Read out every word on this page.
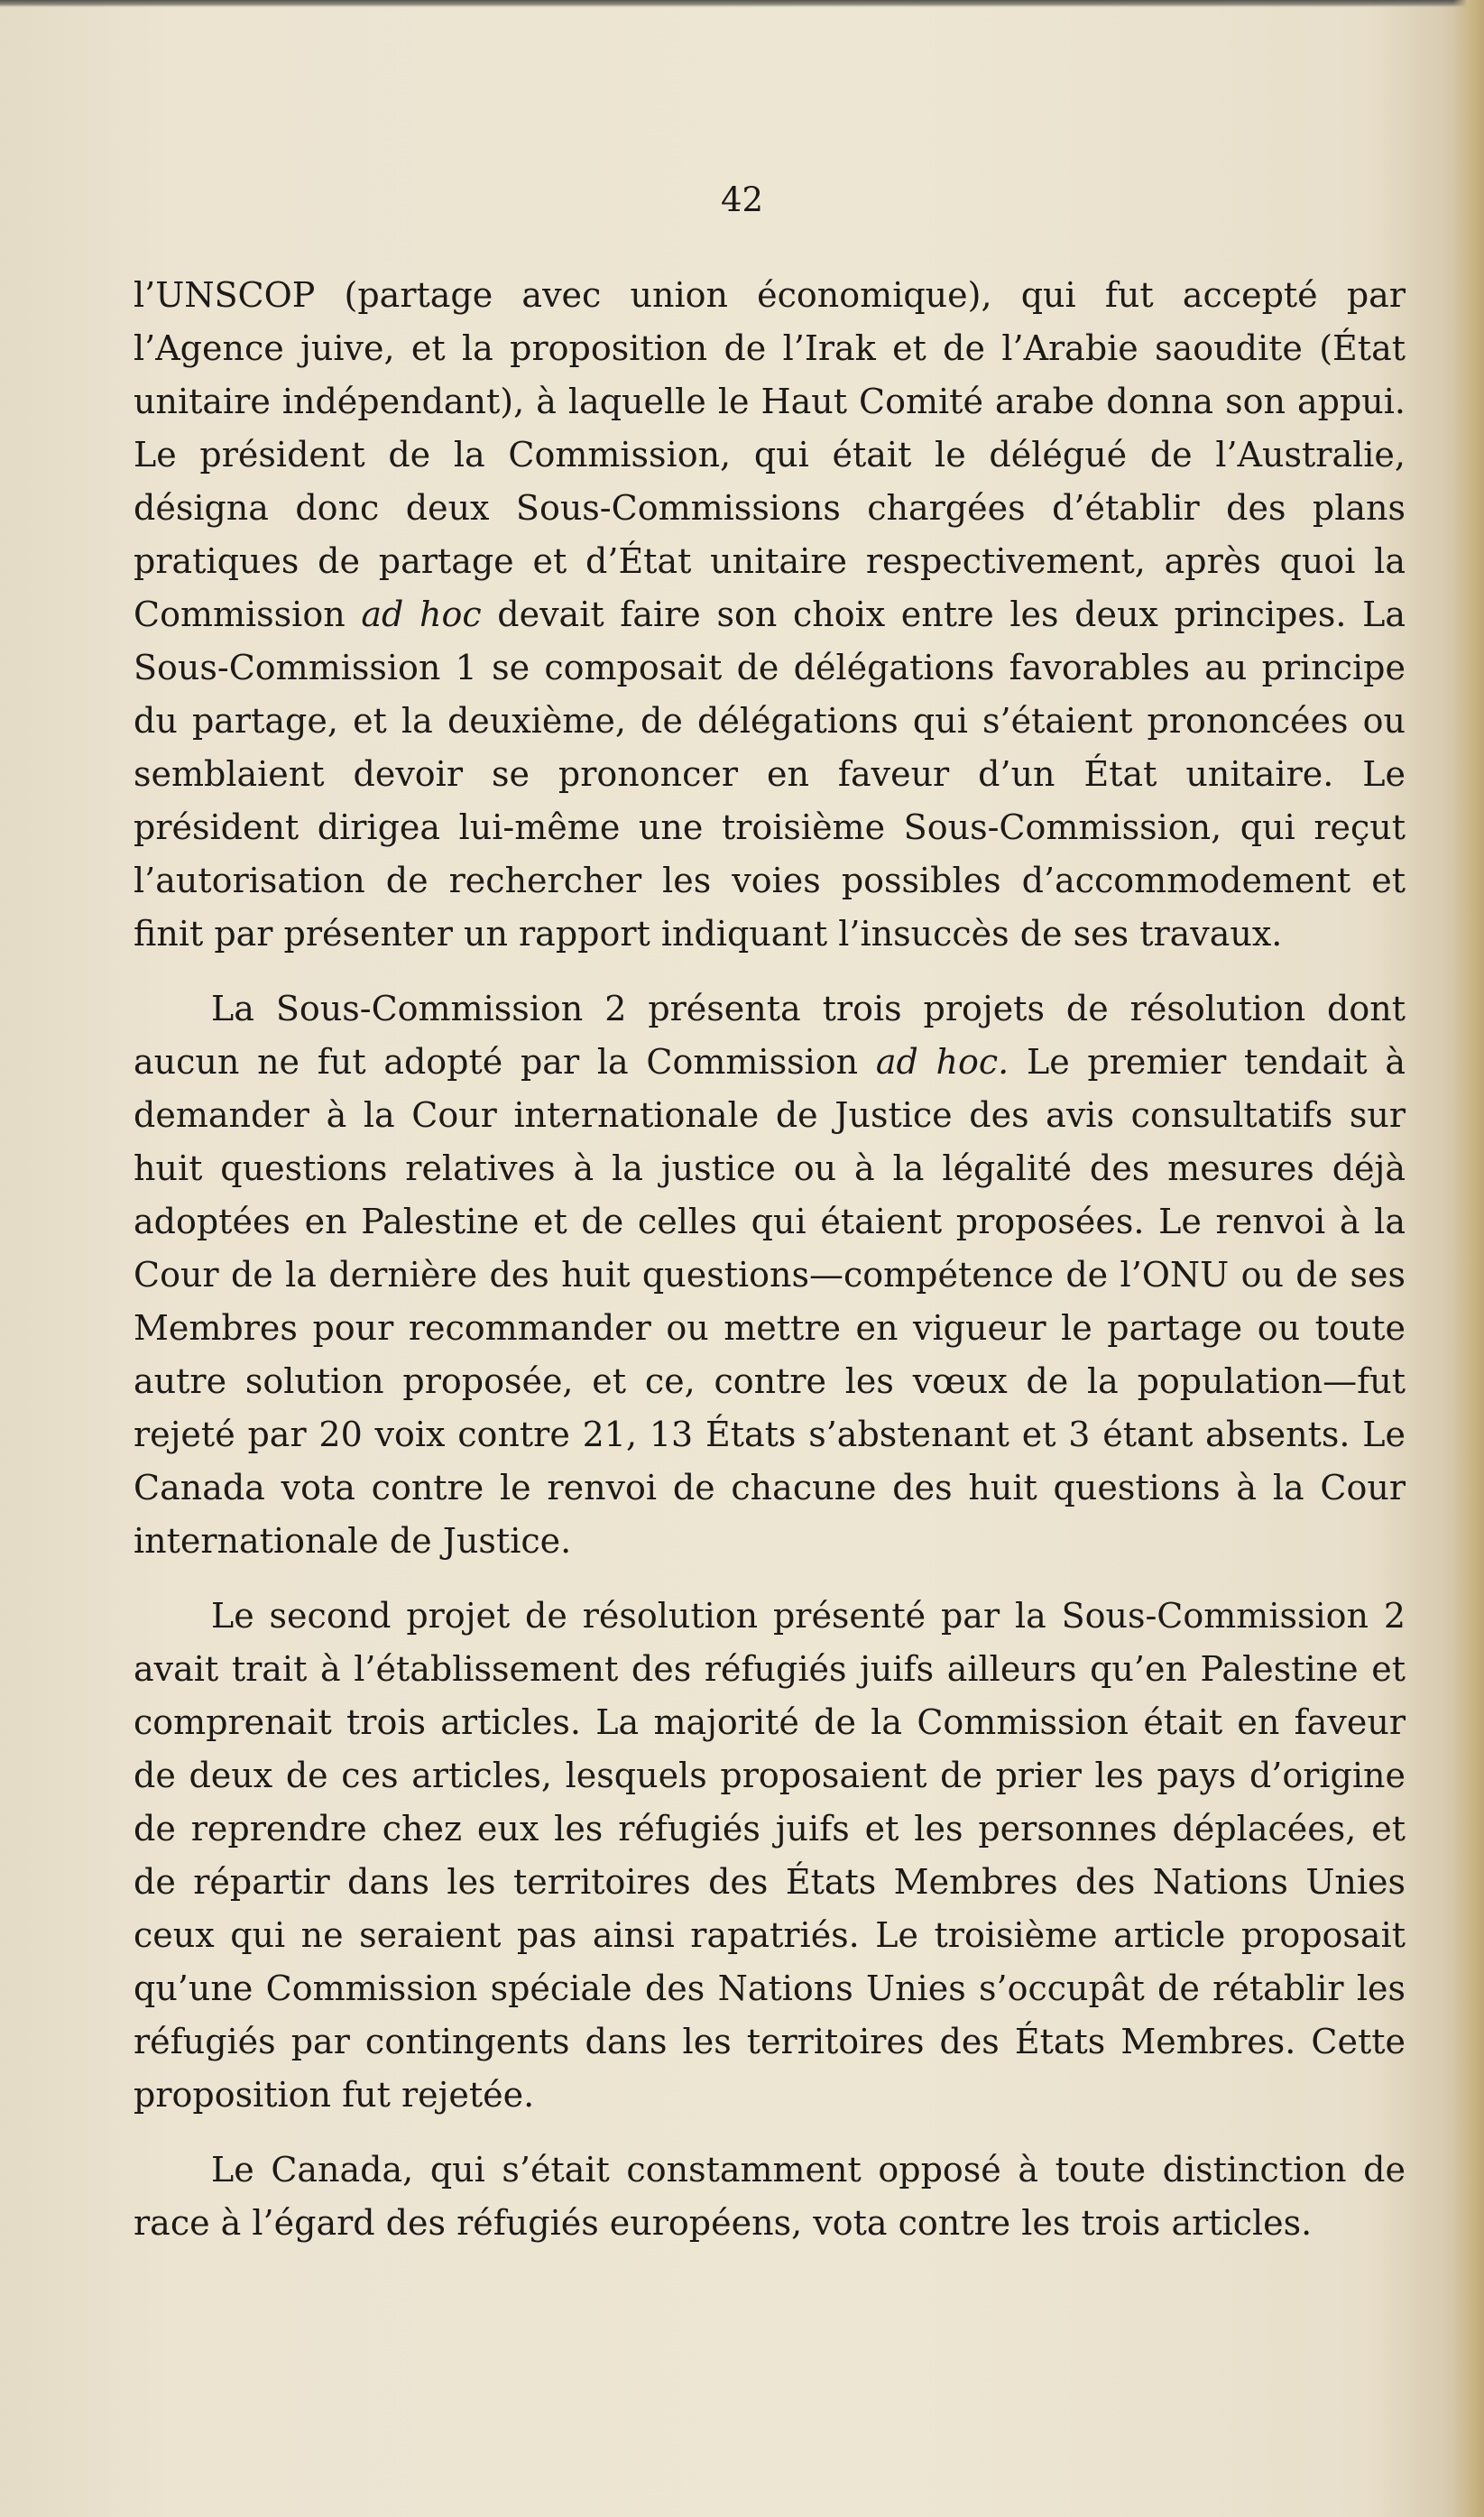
42

l’UNSCOP (partage avec union économique), qui fut accepté par l’Agence juive, et la proposition de l’Irak et de l’Arabie saoudite (État unitaire indépendant), à laquelle le Haut Comité arabe donna son appui. Le président de la Commission, qui était le délégué de l’Australie, désigna donc deux Sous-Commissions chargées d’établir des plans pratiques de partage et d’État unitaire respectivement, après quoi la Commission ad hoc devait faire son choix entre les deux principes. La Sous-Commission 1 se composait de délégations favorables au principe du partage, et la deuxième, de délégations qui s’étaient prononcées ou semblaient devoir se prononcer en faveur d’un État unitaire. Le président dirigea lui-même une troisième Sous-Commission, qui reçut l’autorisation de rechercher les voies possibles d’accommodement et finit par présenter un rapport indiquant l’insuccès de ses travaux.

La Sous-Commission 2 présenta trois projets de résolution dont aucun ne fut adopté par la Commission ad hoc. Le premier tendait à demander à la Cour internationale de Justice des avis consultatifs sur huit questions relatives à la justice ou à la légalité des mesures déjà adoptées en Palestine et de celles qui étaient proposées. Le renvoi à la Cour de la dernière des huit questions—compétence de l’ONU ou de ses Membres pour recommander ou mettre en vigueur le partage ou toute autre solution proposée, et ce, contre les vœux de la population—fut rejeté par 20 voix contre 21, 13 États s’abstenant et 3 étant absents. Le Canada vota contre le renvoi de chacune des huit questions à la Cour internationale de Justice.

Le second projet de résolution présenté par la Sous-Commission 2 avait trait à l’établissement des réfugiés juifs ailleurs qu’en Palestine et comprenait trois articles. La majorité de la Commission était en faveur de deux de ces articles, lesquels proposaient de prier les pays d’origine de reprendre chez eux les réfugiés juifs et les personnes déplacées, et de répartir dans les territoires des États Membres des Nations Unies ceux qui ne seraient pas ainsi rapatriés. Le troisième article proposait qu’une Commission spéciale des Nations Unies s’occupât de rétablir les réfugiés par contingents dans les territoires des États Membres. Cette proposition fut rejetée.

Le Canada, qui s’était constamment opposé à toute distinction de race à l’égard des réfugiés européens, vota contre les trois articles.
